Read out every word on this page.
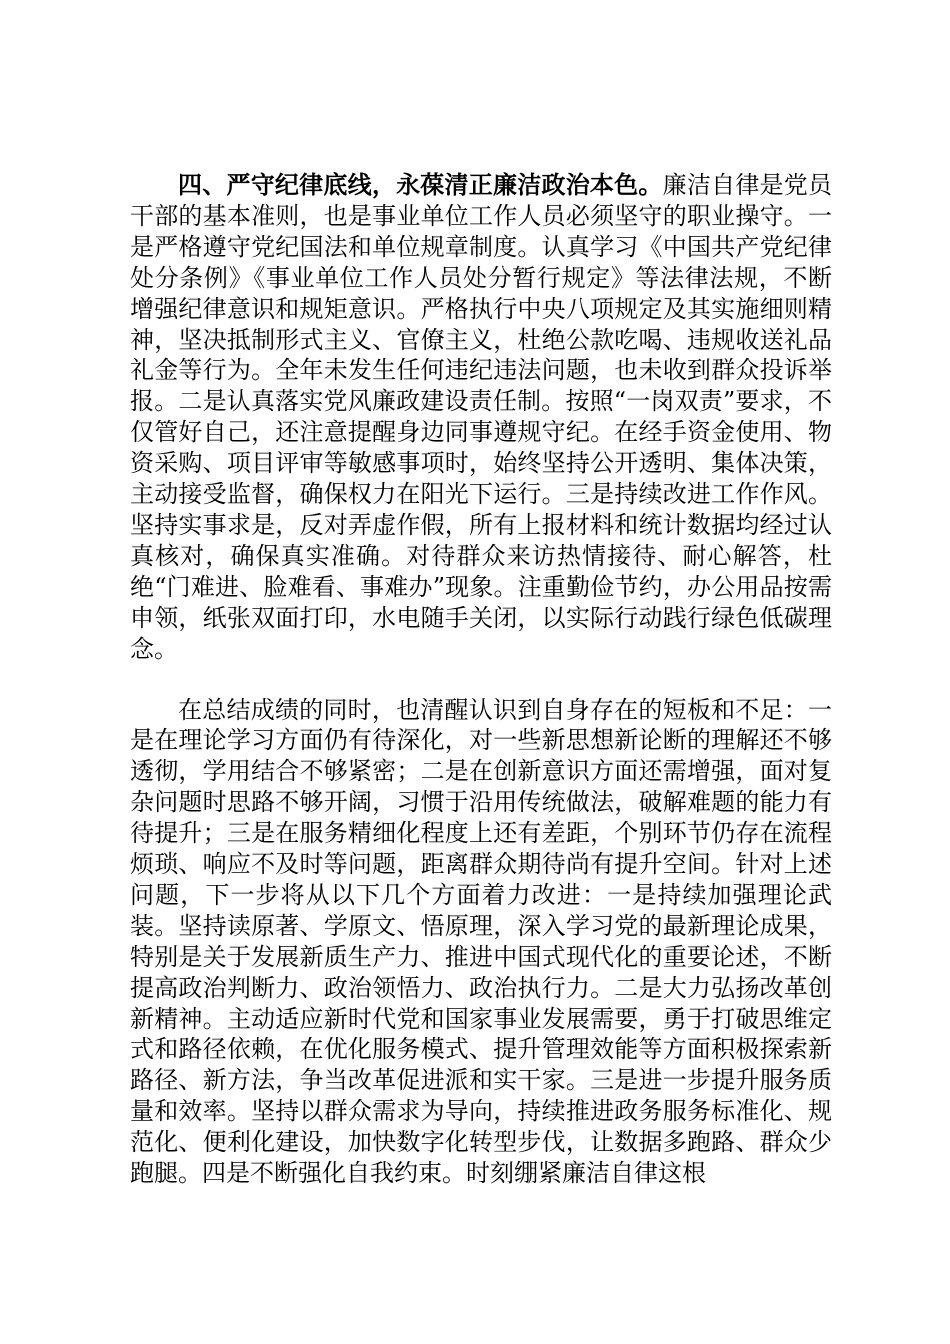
四、严守纪律底线，永葆清正廉洁政治本色。廉洁自律是党员干部的基本准则，也是事业单位工作人员必须坚守的职业操守。一是严格遵守党纪国法和单位规章制度。认真学习《中国共产党纪律处分条例》《事业单位工作人员处分暂行规定》等法律法规，不断增强纪律意识和规矩意识。严格执行中央八项规定及其实施细则精神，坚决抵制形式主义、官僚主义，杜绝公款吃喝、违规收送礼品礼金等行为。全年未发生任何违纪违法问题，也未收到群众投诉举报。二是认真落实党风廉政建设责任制。按照“一岗双责”要求，不仅管好自己，还注意提醒身边同事遵规守纪。在经手资金使用、物资采购、项目评审等敏感事项时，始终坚持公开透明、集体决策，主动接受监督，确保权力在阳光下运行。三是持续改进工作作风。坚持实事求是，反对弄虚作假，所有上报材料和统计数据均经过认真核对，确保真实准确。对待群众来访热情接待、耐心解答，杜绝“门难进、脸难看、事难办”现象。注重勤俭节约，办公用品按需申领，纸张双面打印，水电随手关闭，以实际行动践行绿色低碳理念。

在总结成绩的同时，也清醒认识到自身存在的短板和不足：一是在理论学习方面仍有待深化，对一些新思想新论断的理解还不够透彻，学用结合不够紧密；二是在创新意识方面还需增强，面对复杂问题时思路不够开阔，习惯于沿用传统做法，破解难题的能力有待提升；三是在服务精细化程度上还有差距，个别环节仍存在流程烦琐、响应不及时等问题，距离群众期待尚有提升空间。针对上述问题，下一步将从以下几个方面着力改进：一是持续加强理论武装。坚持读原著、学原文、悟原理，深入学习党的最新理论成果，特别是关于发展新质生产力、推进中国式现代化的重要论述，不断提高政治判断力、政治领悟力、政治执行力。二是大力弘扬改革创新精神。主动适应新时代党和国家事业发展需要，勇于打破思维定式和路径依赖，在优化服务模式、提升管理效能等方面积极探索新路径、新方法，争当改革促进派和实干家。三是进一步提升服务质量和效率。坚持以群众需求为导向，持续推进政务服务标准化、规范化、便利化建设，加快数字化转型步伐，让数据多跑路、群众少跑腿。四是不断强化自我约束。时刻绷紧廉洁自律这根
